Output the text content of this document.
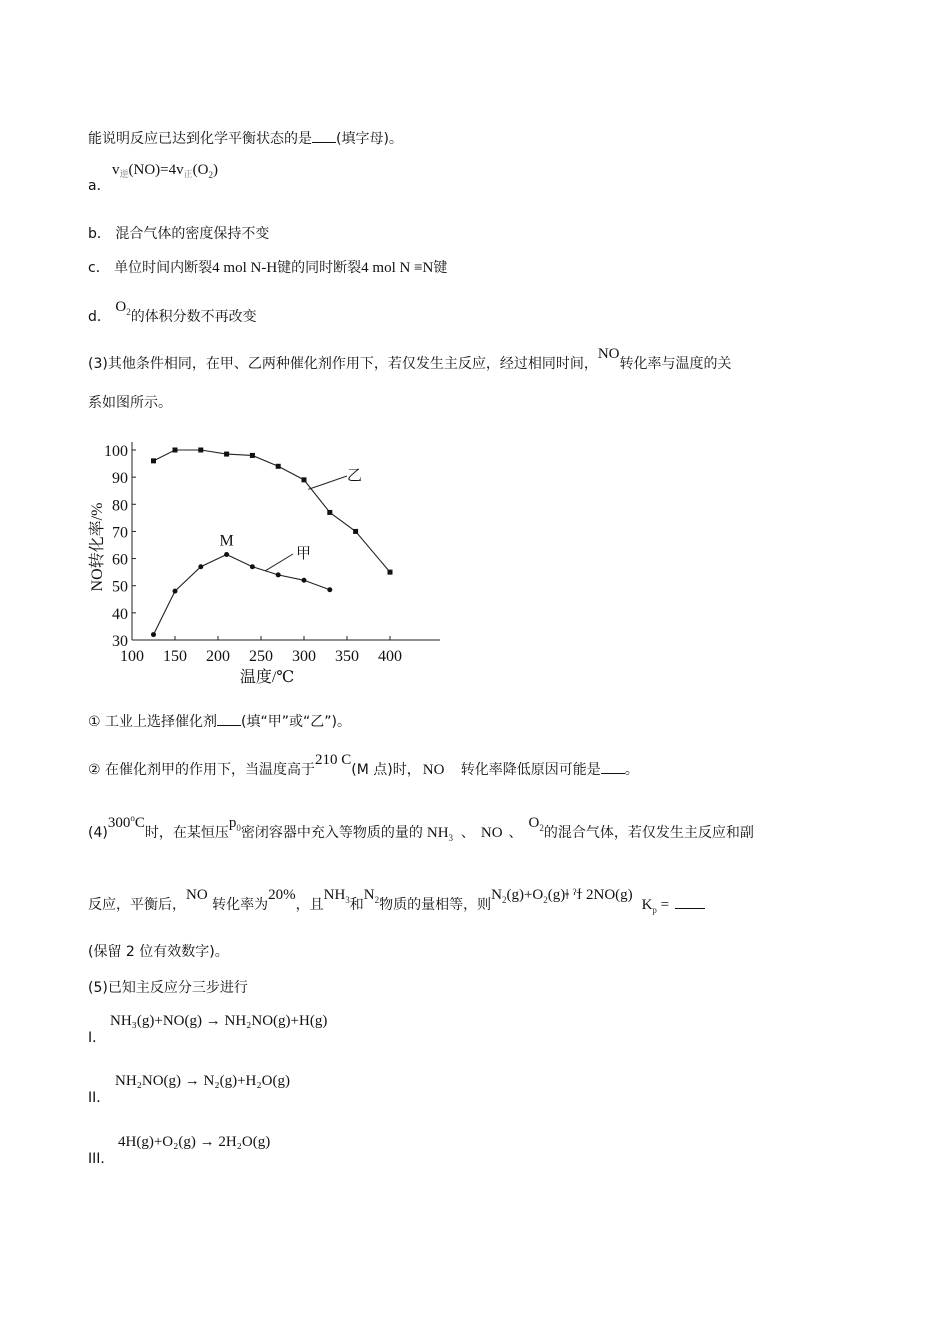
能说明反应已达到化学平衡状态的是 (填字母)。
a．
$v_逆(NO)=4v_正(O_2)$
b． 混合气体的密度保持不变
c． 单位时间内断裂4 mol N-H键的同时断裂4 mol N ≡N键
d． $O_2$的体积分数不再改变
(3)其他条件相同，在甲、乙两种催化剂作用下，若仅发生主反应，经过相同时间，NO转化率与温度的关
系如图所示。
100 150 200 250 300 350 400
30
40
50
60
70
80
90
100
温度/℃
NO转化率/%
乙
甲
M
① 工业上选择催化剂 (填“甲”或“乙”)。
② 在催化剂甲的作用下，当温度高于210 C(M 点)时， NO 转化率降低原因可能是 。
(4)300$^o$C时，在某恒压$p_0$密闭容器中充入等物质的量的 $NH_3$ 、 NO 、$O_2$的混合气体，若仅发生主反应和副
反应，平衡后，NO 转化率为20%，且$NH_3$和$N_2$物质的量相等，则$N_2(g)+O_2(g)ǂ$ ˀϯ 2NO(g)  $K_p$ =
(保留 2 位有效数字)。
(5)已知主反应分三步进行
I．
NH₃(g)+NO(g) → NH₂NO(g)+H(g)
II．
NH₂NO(g) → N₂(g)+H₂O(g)
III．
4H(g)+O₂(g) → 2H₂O(g)
